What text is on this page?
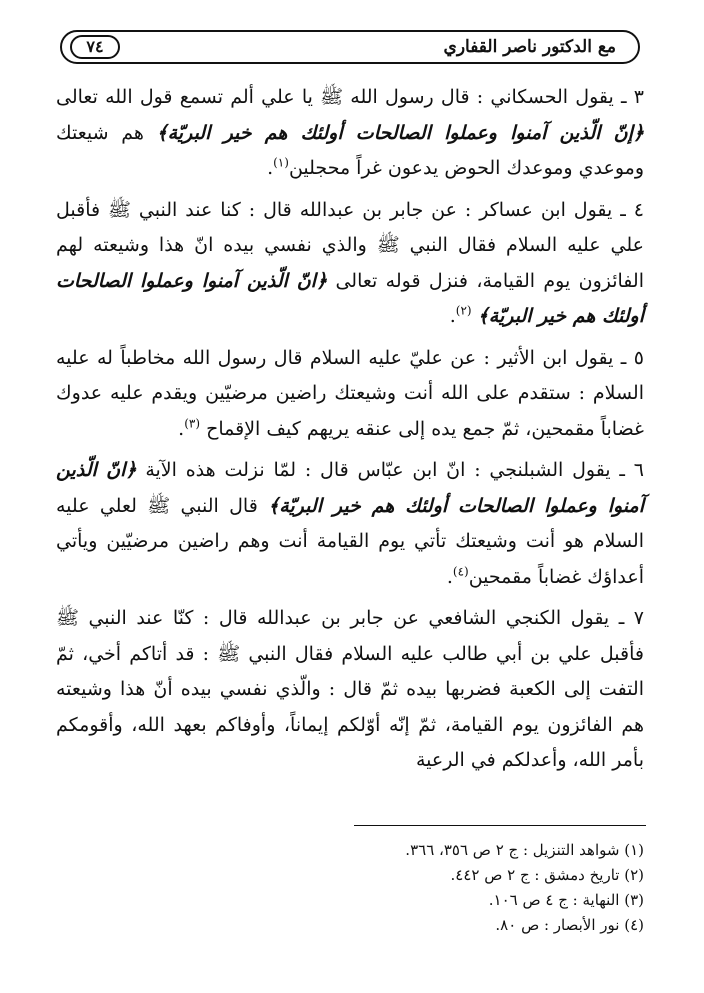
٧٤	مع الدكتور ناصر القفاري

٣ ـ يقول الحسكاني : قال رسول الله ﷺ يا علي ألم تسمع قول الله تعالى ﴿إنّ الّذين آمنوا وعملوا الصالحات أولئك هم خير البريّة﴾ هم شيعتك وموعدي وموعدك الحوض يدعون غراً محجلين$^{(١)}$.

٤ ـ يقول ابن عساكر : عن جابر بن عبدالله قال : كنا عند النبي ﷺ فأقبل علي عليه السلام فقال النبي ﷺ والذي نفسي بيده انّ هذا وشيعته لهم الفائزون يوم القيامة، فنزل قوله تعالى ﴿انّ الّذين آمنوا وعملوا الصالحات أولئك هم خير البريّة﴾ $^{(٢)}$.

٥ ـ يقول ابن الأثير : عن عليّ عليه السلام قال رسول الله مخاطباً له عليه السلام : ستقدم على الله أنت وشيعتك راضين مرضيّين ويقدم عليه عدوك غضاباً مقمحين، ثمّ جمع يده إلى عنقه يريهم كيف الإقماح $^{(٣)}$.

٦ ـ يقول الشبلنجي : انّ ابن عبّاس قال : لمّا نزلت هذه الآية ﴿انّ الّذين آمنوا وعملوا الصالحات أولئك هم خير البريّة﴾ قال النبي ﷺ لعلي عليه السلام هو أنت وشيعتك تأتي يوم القيامة أنت وهم راضين مرضيّين ويأتي أعداؤك غضاباً مقمحين$^{(٤)}$.

٧ ـ يقول الكنجي الشافعي عن جابر بن عبدالله قال : كنّا عند النبي ﷺ فأقبل علي بن أبي طالب عليه السلام فقال النبي ﷺ : قد أتاكم أخي، ثمّ التفت إلى الكعبة فضربها بيده ثمّ قال : والّذي نفسي بيده أنّ هذا وشيعته هم الفائزون يوم القيامة، ثمّ إنّه أوّلكم إيماناً، وأوفاكم بعهد الله، وأقومكم بأمر الله، وأعدلكم في الرعية

(١) شواهد التنزيل : ج ٢ ص ٣٥٦، ٣٦٦.
(٢) تاريخ دمشق : ج ٢ ص ٤٤٢.
(٣) النهاية : ج ٤ ص ١٠٦.
(٤) نور الأبصار : ص ٨٠.
